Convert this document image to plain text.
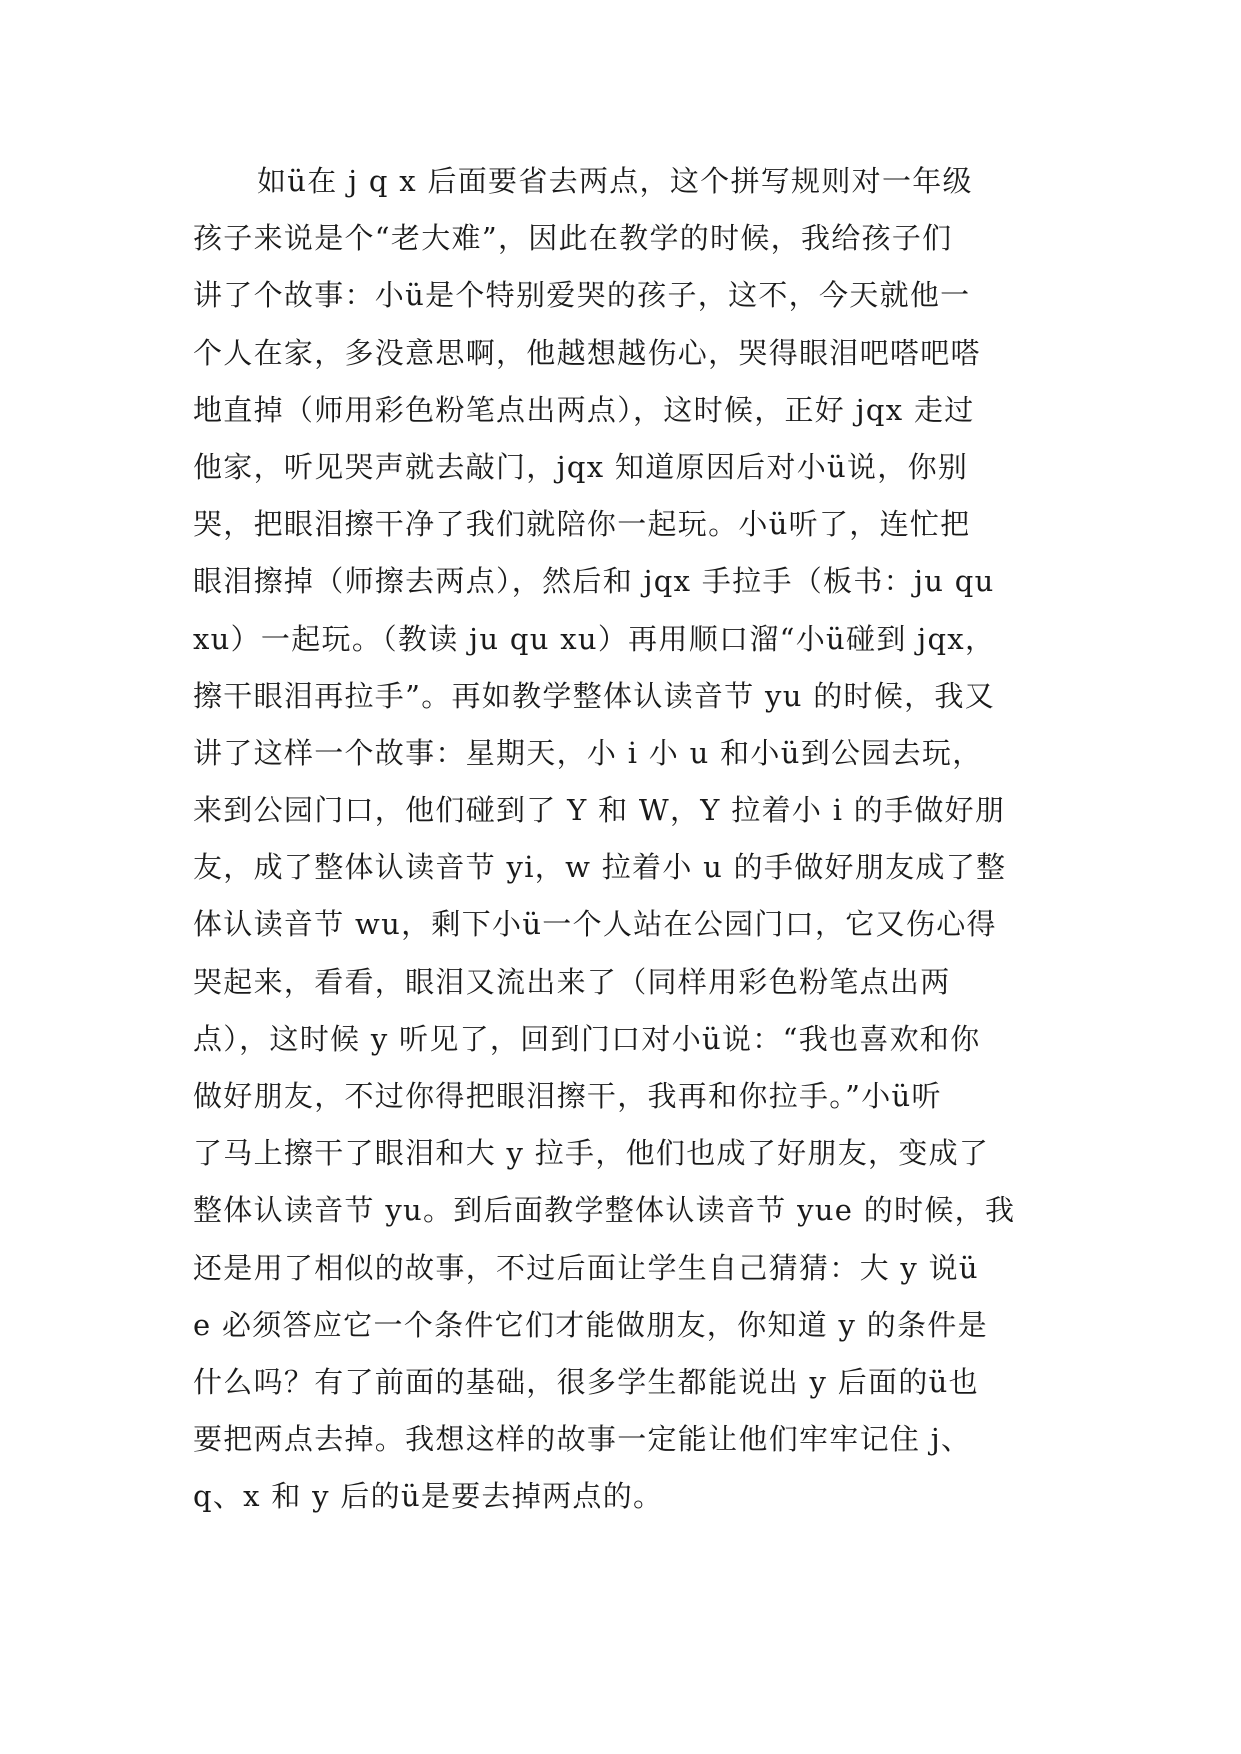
如ü在 j q x 后面要省去两点，这个拼写规则对一年级
孩子来说是个“老大难”，因此在教学的时候，我给孩子们
讲了个故事：小ü是个特别爱哭的孩子，这不，今天就他一
个人在家，多没意思啊，他越想越伤心，哭得眼泪吧嗒吧嗒
地直掉（师用彩色粉笔点出两点），这时候，正好 jqx 走过
他家，听见哭声就去敲门，jqx 知道原因后对小ü说，你别
哭，把眼泪擦干净了我们就陪你一起玩。小ü听了，连忙把
眼泪擦掉（师擦去两点），然后和 jqx 手拉手（板书：ju qu
xu）一起玩。（教读 ju qu xu）再用顺口溜“小ü碰到 jqx，
擦干眼泪再拉手”。再如教学整体认读音节 yu 的时候，我又
讲了这样一个故事：星期天，小 i 小 u 和小ü到公园去玩，
来到公园门口，他们碰到了 Y 和 W，Y 拉着小 i 的手做好朋
友，成了整体认读音节 yi，w 拉着小 u 的手做好朋友成了整
体认读音节 wu，剩下小ü一个人站在公园门口，它又伤心得
哭起来，看看，眼泪又流出来了（同样用彩色粉笔点出两
点），这时候 y 听见了，回到门口对小ü说：“我也喜欢和你
做好朋友，不过你得把眼泪擦干，我再和你拉手。”小ü听
了马上擦干了眼泪和大 y 拉手，他们也成了好朋友，变成了
整体认读音节 yu。到后面教学整体认读音节 yue 的时候，我
还是用了相似的故事，不过后面让学生自己猜猜：大 y 说ü
e 必须答应它一个条件它们才能做朋友，你知道 y 的条件是
什么吗？有了前面的基础，很多学生都能说出 y 后面的ü也
要把两点去掉。我想这样的故事一定能让他们牢牢记住 j、
q、x 和 y 后的ü是要去掉两点的。
